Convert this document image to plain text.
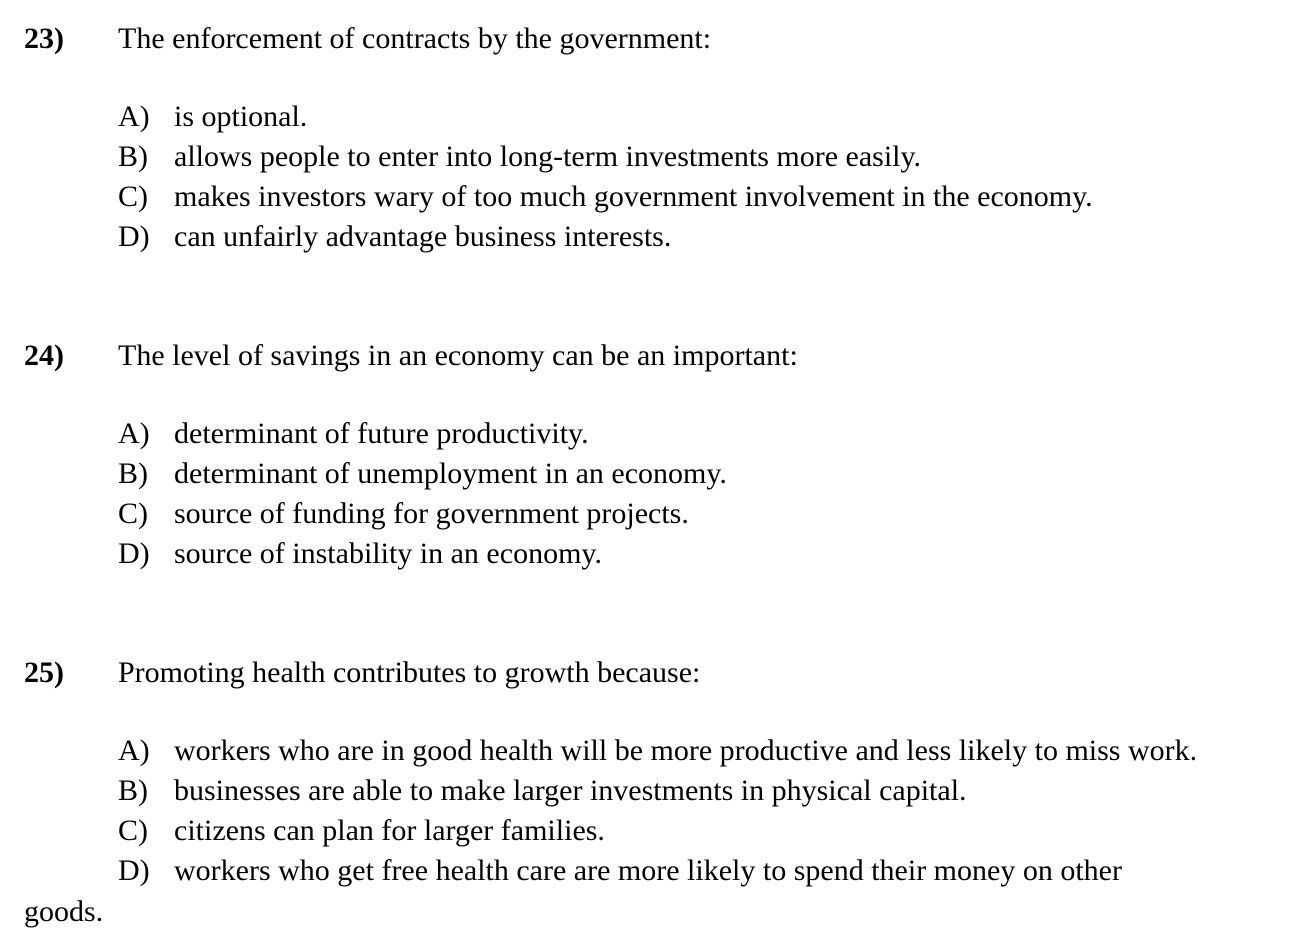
23) The enforcement of contracts by the government:
A) is optional.
B) allows people to enter into long-term investments more easily.
C) makes investors wary of too much government involvement in the economy.
D) can unfairly advantage business interests.
24) The level of savings in an economy can be an important:
A) determinant of future productivity.
B) determinant of unemployment in an economy.
C) source of funding for government projects.
D) source of instability in an economy.
25) Promoting health contributes to growth because:
A) workers who are in good health will be more productive and less likely to miss work.
B) businesses are able to make larger investments in physical capital.
C) citizens can plan for larger families.
D) workers who get free health care are more likely to spend their money on other
goods.
